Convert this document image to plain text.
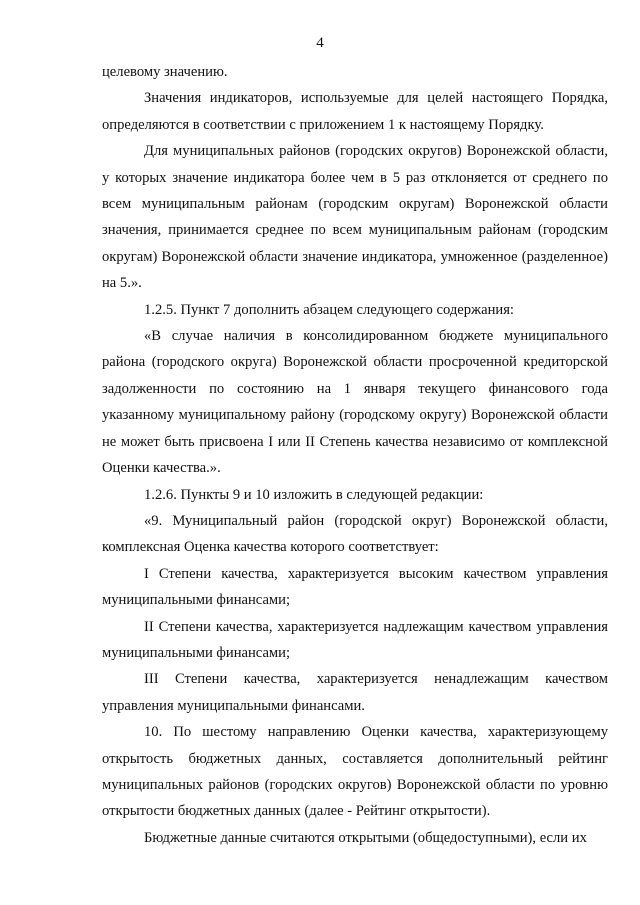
4

целевому значению.

Значения индикаторов, используемые для целей настоящего Порядка, определяются в соответствии с приложением 1 к настоящему Порядку.

Для муниципальных районов (городских округов) Воронежской области, у которых значение индикатора более чем в 5 раз отклоняется от среднего по всем муниципальным районам (городским округам) Воронежской области значения, принимается среднее по всем муниципальным районам (городским округам) Воронежской области значение индикатора, умноженное (разделенное) на 5.».

1.2.5. Пункт 7 дополнить абзацем следующего содержания:

«В случае наличия в консолидированном бюджете муниципального района (городского округа) Воронежской области просроченной кредиторской задолженности по состоянию на 1 января текущего финансового года указанному муниципальному району (городскому округу) Воронежской области не может быть присвоена I или II Степень качества независимо от комплексной Оценки качества.».

1.2.6. Пункты 9 и 10 изложить в следующей редакции:

«9. Муниципальный район (городской округ) Воронежской области, комплексная Оценка качества которого соответствует:

I Степени качества, характеризуется высоким качеством управления муниципальными финансами;

II Степени качества, характеризуется надлежащим качеством управления муниципальными финансами;

III Степени качества, характеризуется ненадлежащим качеством управления муниципальными финансами.

10. По шестому направлению Оценки качества, характеризующему открытость бюджетных данных, составляется дополнительный рейтинг муниципальных районов (городских округов) Воронежской области по уровню открытости бюджетных данных (далее - Рейтинг открытости).

Бюджетные данные считаются открытыми (общедоступными), если их
